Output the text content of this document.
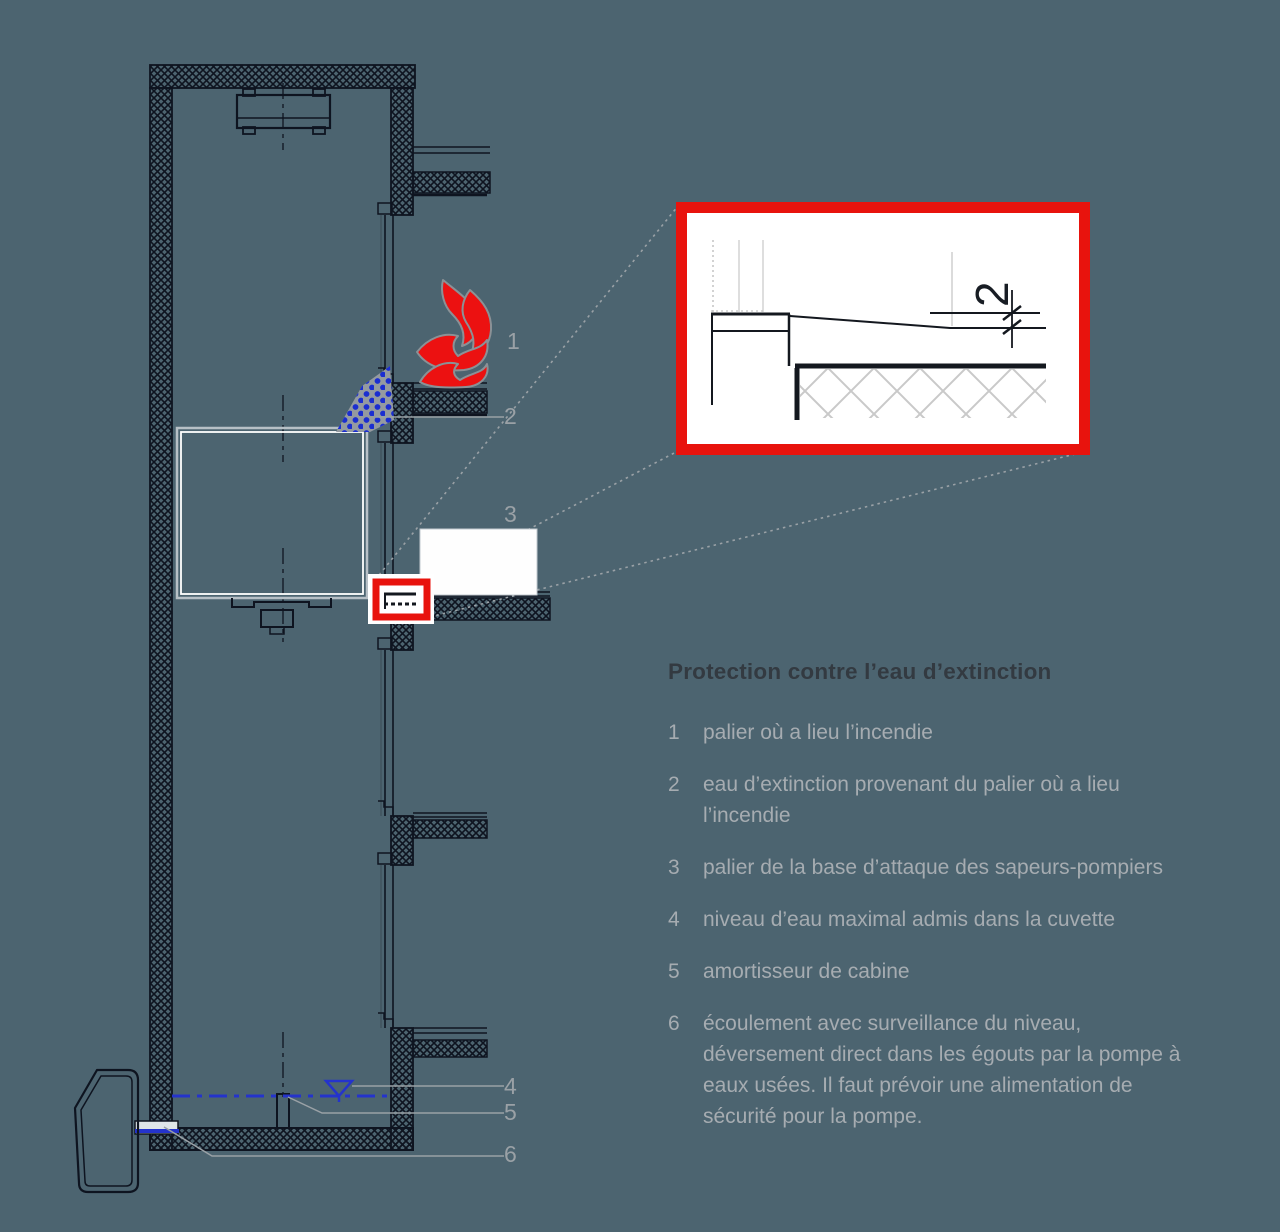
2
1
2
3
4
5
6
Protection contre l’eau d’extinction
1	palier où a lieu l’incendie
2	eau d’extinction provenant du palier où a lieu l’incendie
3	palier de la base d’attaque des sapeurs-pompiers
4	niveau d’eau maximal admis dans la cuvette
5	amortisseur de cabine
6	écoulement avec surveillance du niveau, déversement direct dans les égouts par la pompe à eaux usées. Il faut prévoir une alimentation de sécurité pour la pompe.
